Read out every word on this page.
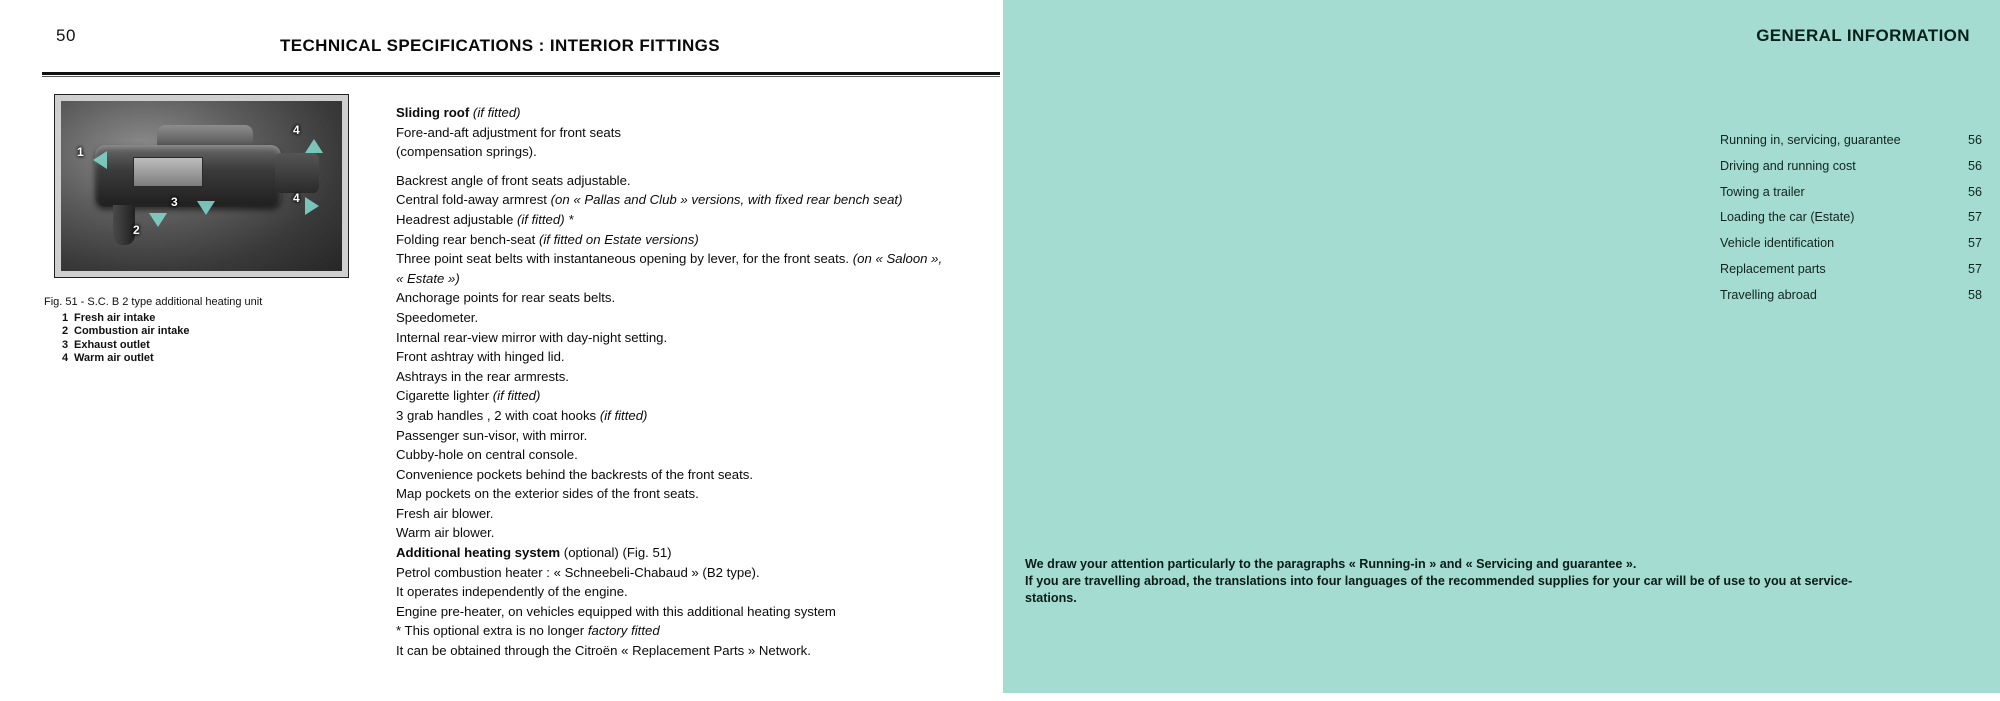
50
TECHNICAL SPECIFICATIONS : INTERIOR FITTINGS
1
2
3
4
4
Fig. 51 - S.C. B 2 type additional heating unit
1 Fresh air intake
2 Combustion air intake
3 Exhaust outlet
4 Warm air outlet

Sliding roof (if fitted)

Fore-and-aft adjustment for front seats

(compensation springs).

Backrest angle of front seats adjustable.

Central fold-away armrest (on « Pallas and Club » versions, with fixed rear bench seat)

Headrest adjustable (if fitted) *

Folding rear bench-seat (if fitted on Estate versions)

Three point seat belts with instantaneous opening by lever, for the front seats. (on « Saloon »,

« Estate »)

Anchorage points for rear seats belts.

Speedometer.

Internal rear-view mirror with day-night setting.

Front ashtray with hinged lid.

Ashtrays in the rear armrests.

Cigarette lighter (if fitted)

3 grab handles , 2 with coat hooks (if fitted)

Passenger sun-visor, with mirror.

Cubby-hole on central console.

Convenience pockets behind the backrests of the front seats.

Map pockets on the exterior sides of the front seats.

Fresh air blower.

Warm air blower.

Additional heating system (optional) (Fig. 51)

Petrol combustion heater : « Schneebeli-Chabaud » (B2 type).

It operates independently of the engine.

Engine pre-heater, on vehicles equipped with this additional heating system

* This optional extra is no longer factory fitted

It can be obtained through the Citroën « Replacement Parts » Network.

GENERAL INFORMATION
Running in, servicing, guarantee	56
Driving and running cost	56
Towing a trailer	56
Loading the car (Estate)	57
Vehicle identification	57
Replacement parts	57
Travelling abroad	58

We draw your attention particularly to the paragraphs « Running-in » and « Servicing and guarantee ».

If you are travelling abroad, the translations into four languages of the recommended supplies for your car will be of use to you at service-

stations.
